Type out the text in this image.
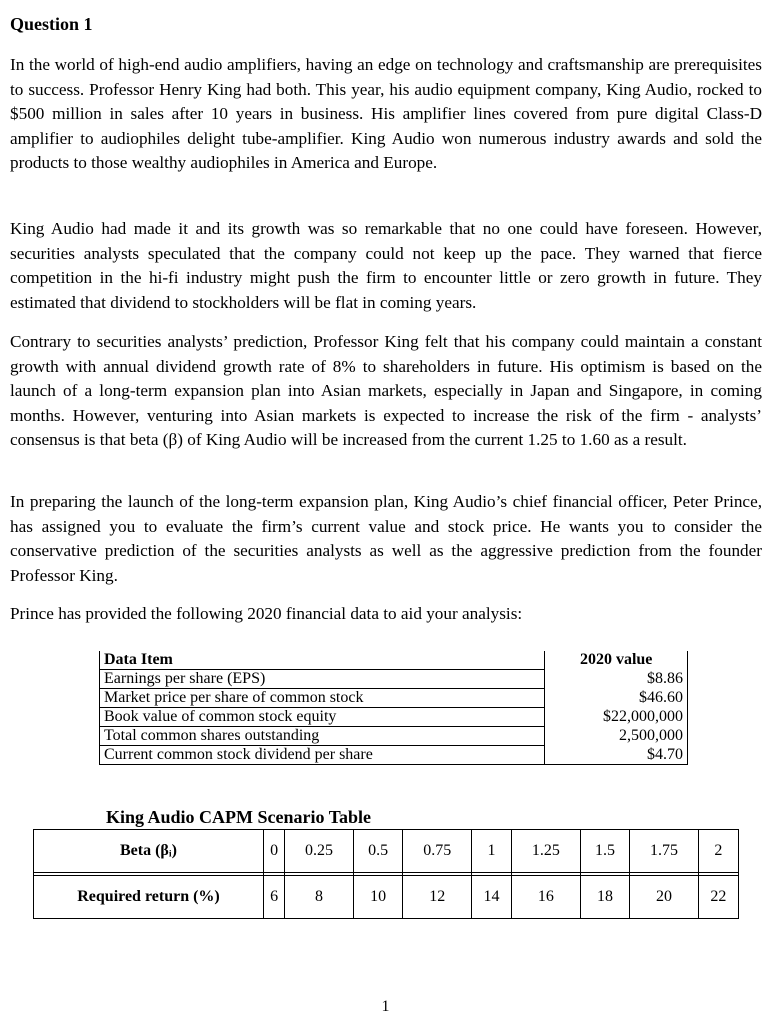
Question 1

In the world of high-end audio amplifiers, having an edge on technology and craftsmanship are prerequisites to success. Professor Henry King had both. This year, his audio equipment company, King Audio, rocked to $500 million in sales after 10 years in business. His amplifier lines covered from pure digital Class-D amplifier to audiophiles delight tube-amplifier. King Audio won numerous industry awards and sold the products to those wealthy audiophiles in America and Europe.

King Audio had made it and its growth was so remarkable that no one could have foreseen. However, securities analysts speculated that the company could not keep up the pace. They warned that fierce competition in the hi-fi industry might push the firm to encounter little or zero growth in future. They estimated that dividend to stockholders will be flat in coming years.

Contrary to securities analysts’ prediction, Professor King felt that his company could maintain a constant growth with annual dividend growth rate of 8% to shareholders in future. His optimism is based on the launch of a long-term expansion plan into Asian markets, especially in Japan and Singapore, in coming months. However, venturing into Asian markets is expected to increase the risk of the firm - analysts’ consensus is that beta (β) of King Audio will be increased from the current 1.25 to 1.60 as a result.

In preparing the launch of the long-term expansion plan, King Audio’s chief financial officer, Peter Prince, has assigned you to evaluate the firm’s current value and stock price. He wants you to consider the conservative prediction of the securities analysts as well as the aggressive prediction from the founder Professor King.

Prince has provided the following 2020 financial data to aid your analysis:

Data Item	2020 value
Earnings per share (EPS)	$8.86
Market price per share of common stock	$46.60
Book value of common stock equity	$22,000,000
Total common shares outstanding	2,500,000
Current common stock dividend per share	$4.70
King Audio CAPM Scenario Table
Beta (βᵢ)	0	0.25	0.5	0.75	1	1.25	1.5	1.75	2

Required return (%)	6	8	10	12	14	16	18	20	22
1
